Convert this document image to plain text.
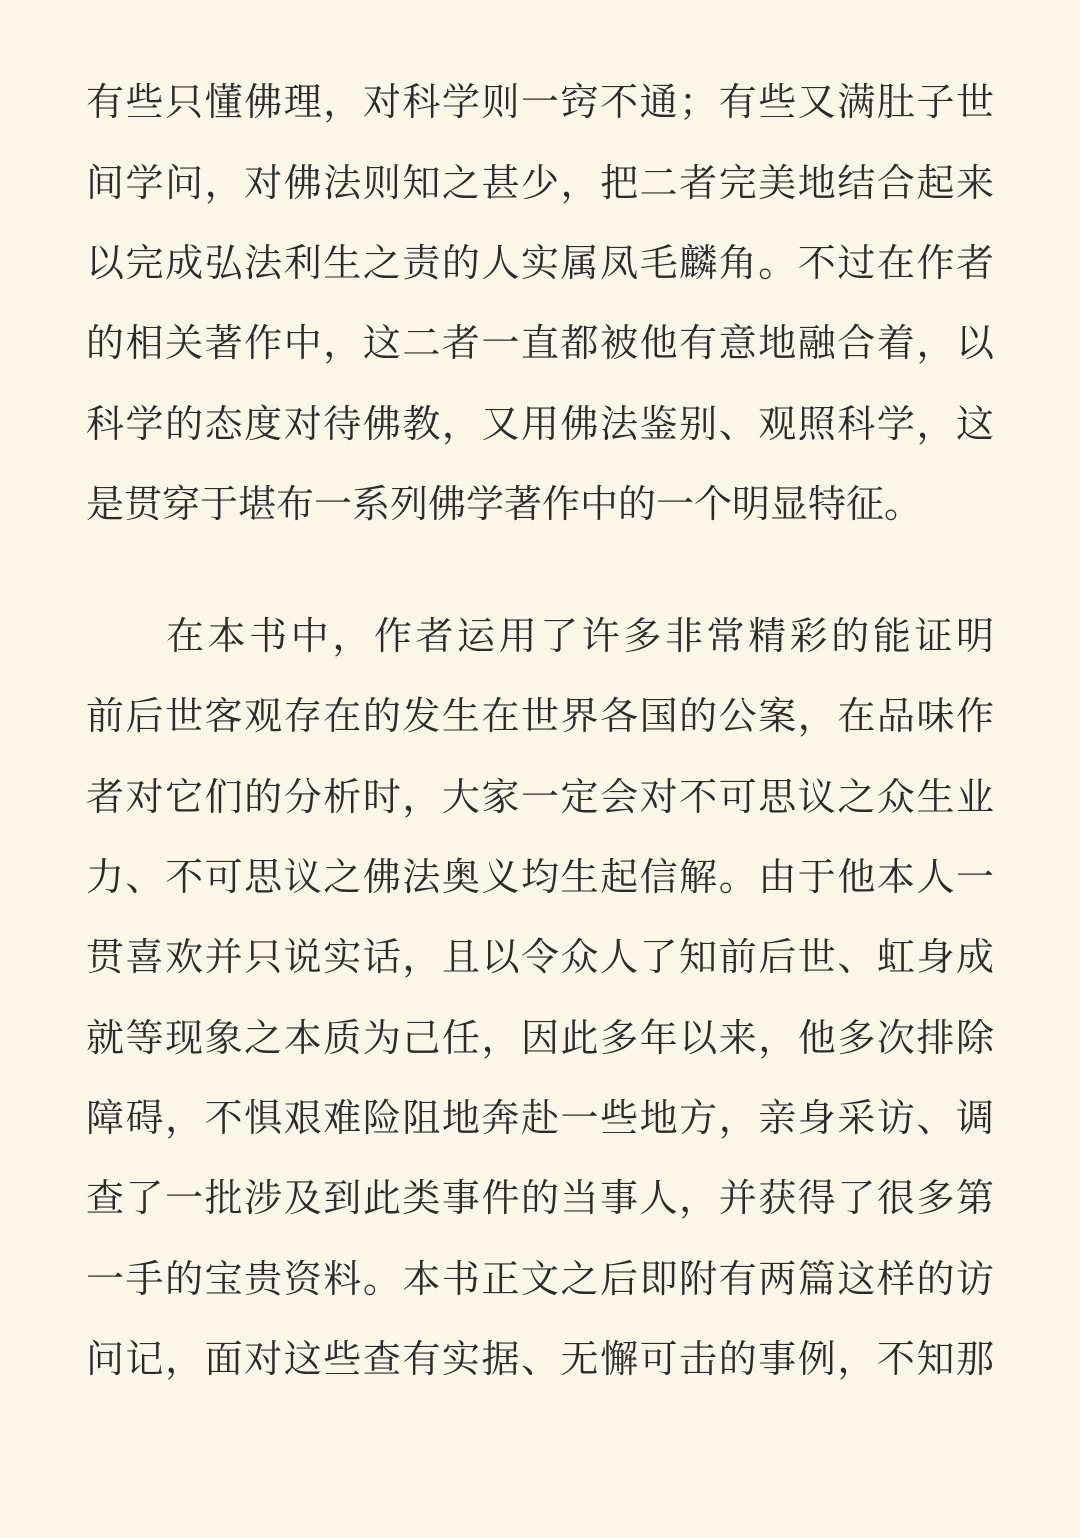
有些只懂佛理，对科学则一窍不通；有些又满肚子世
间学问，对佛法则知之甚少，把二者完美地结合起来
以完成弘法利生之责的人实属凤毛麟角。不过在作者
的相关著作中，这二者一直都被他有意地融合着，以
科学的态度对待佛教，又用佛法鉴别、观照科学，这
是贯穿于堪布一系列佛学著作中的一个明显特征。
在本书中，作者运用了许多非常精彩的能证明
前后世客观存在的发生在世界各国的公案，在品味作
者对它们的分析时，大家一定会对不可思议之众生业
力、不可思议之佛法奥义均生起信解。由于他本人一
贯喜欢并只说实话，且以令众人了知前后世、虹身成
就等现象之本质为己任，因此多年以来，他多次排除
障碍，不惧艰难险阻地奔赴一些地方，亲身采访、调
查了一批涉及到此类事件的当事人，并获得了很多第
一手的宝贵资料。本书正文之后即附有两篇这样的访
问记，面对这些查有实据、无懈可击的事例，不知那
